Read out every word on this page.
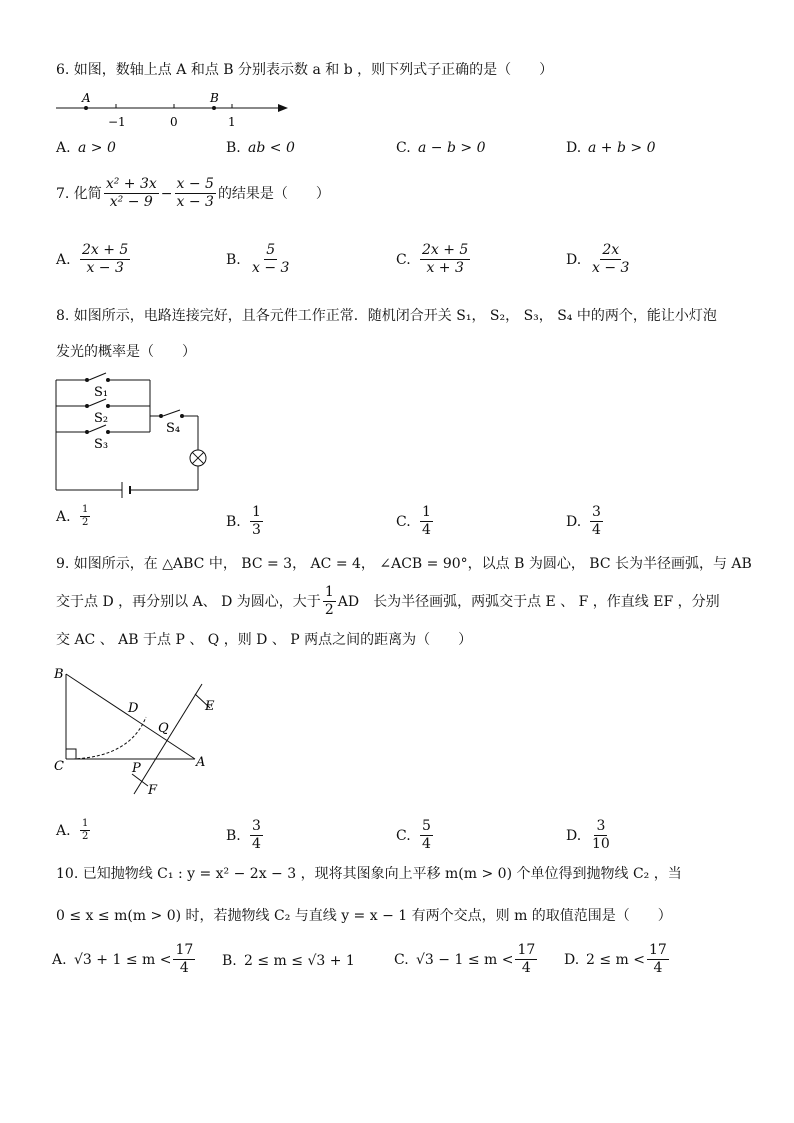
6. 如图，数轴上点 A 和点 B 分别表示数 a 和 b ，则下列式子正确的是（　　）
A	B
−1	0	1
A. a > 0	B. ab < 0	C. a − b > 0	D. a + b > 0
7. 化简 $\frac{\text{x² + 3x}}{\text{x² − 9}} - \frac{x - 5}{x - 3}$ 的结果是（　　）
A. $\frac{2x + 5}{x - 3}$	B. $\frac{5}{x - 3}$	C. $\frac{2x + 5}{x + 3}$	D. $\frac{2x}{x - 3}$
8. 如图所示，电路连接完好，且各元件工作正常．随机闭合开关 S₁， S₂， S₃， S₄ 中的两个，能让小灯泡
发光的概率是（　　）
S₁
S₂
S₃
S₄
A. $\frac{1}{2}$	B. $\frac{1}{3}$	C. $\frac{1}{4}$	D. $\frac{3}{4}$
9. 如图所示，在 △ABC 中， BC = 3， AC = 4， ∠ACB = 90°，以点 B 为圆心， BC 长为半径画弧，与 AB
交于点 D ，再分别以 A、 D 为圆心，大于 $\frac{1}{2}$ AD　长为半径画弧，两弧交于点 E 、 F ，作直线 EF ，分别
交 AC 、 AB 于点 P 、 Q ，则 D 、 P 两点之间的距离为（　　）
B
C	A
D
Q
P
E
F
A. $\frac{1}{2}$	B. $\frac{3}{4}$	C. $\frac{5}{4}$	D. $\frac{3}{10}$
10. 已知抛物线 C₁ : y = x² − 2x − 3 ，现将其图象向上平移 m(m > 0) 个单位得到抛物线 C₂ ，当
0 ≤ x ≤ m(m > 0) 时，若抛物线 C₂ 与直线 y = x − 1 有两个交点，则 m 的取值范围是（　　）
A. $√3 + 1 \le m < \frac{17}{4} B$. 2 ≤ m ≤ √3 + 1	C. $√3 - 1 \le m < \frac{17}{4} D$. $2 \le m < \frac{17}{4}$
